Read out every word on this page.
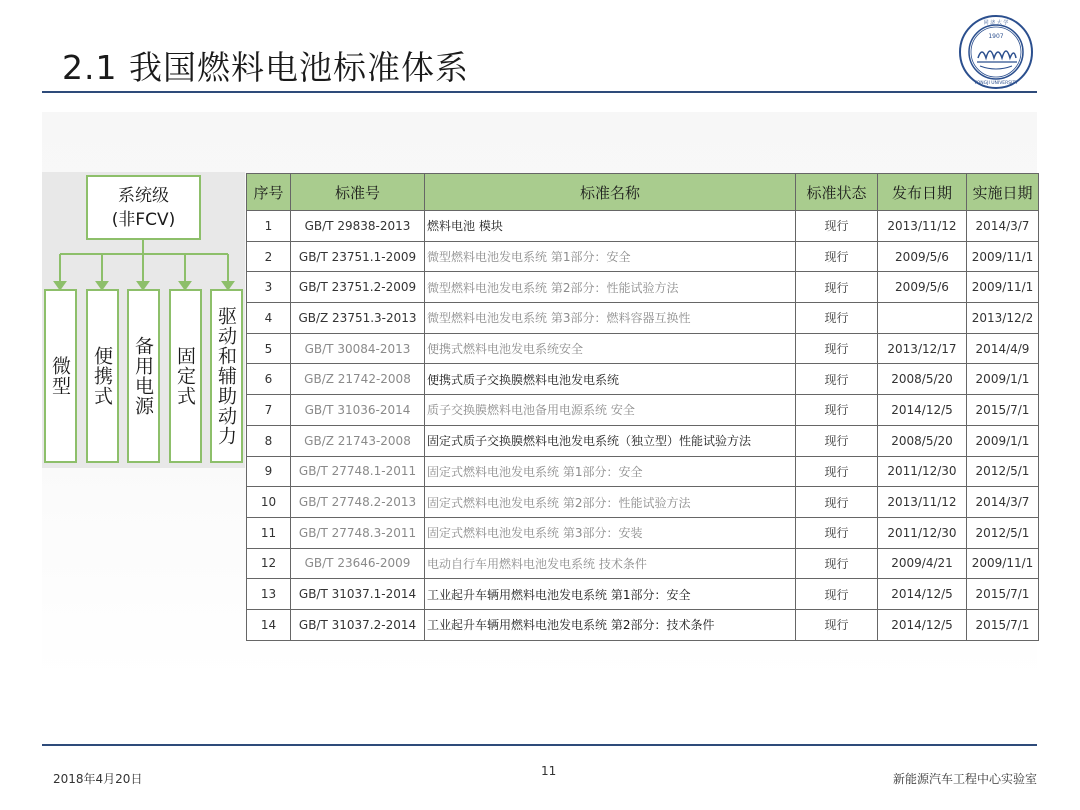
2.1 我国燃料电池标准体系
同 济 大 学
1907
TONGJI UNIVERSITY
系统级
(非FCV)
微型 便携式 备用电源 固定式 驱动和辅助动力
序号	标准号	标准名称	标准状态	发布日期	实施日期
1	GB/T 29838-2013	燃料电池 模块	现行	2013/11/12	2014/3/7
2	GB/T 23751.1-2009	微型燃料电池发电系统 第1部分：安全	现行	2009/5/6	2009/11/1
3	GB/T 23751.2-2009	微型燃料电池发电系统 第2部分：性能试验方法	现行	2009/5/6	2009/11/1
4	GB/Z 23751.3-2013	微型燃料电池发电系统 第3部分：燃料容器互换性	现行		2013/12/2
5	GB/T 30084-2013	便携式燃料电池发电系统安全	现行	2013/12/17	2014/4/9
6	GB/Z 21742-2008	便携式质子交换膜燃料电池发电系统	现行	2008/5/20	2009/1/1
7	GB/T 31036-2014	质子交换膜燃料电池备用电源系统 安全	现行	2014/12/5	2015/7/1
8	GB/Z 21743-2008	固定式质子交换膜燃料电池发电系统（独立型）性能试验方法	现行	2008/5/20	2009/1/1
9	GB/T 27748.1-2011	固定式燃料电池发电系统 第1部分：安全	现行	2011/12/30	2012/5/1
10	GB/T 27748.2-2013	固定式燃料电池发电系统 第2部分：性能试验方法	现行	2013/11/12	2014/3/7
11	GB/T 27748.3-2011	固定式燃料电池发电系统 第3部分：安装	现行	2011/12/30	2012/5/1
12	GB/T 23646-2009	电动自行车用燃料电池发电系统 技术条件	现行	2009/4/21	2009/11/1
13	GB/T 31037.1-2014	工业起升车辆用燃料电池发电系统 第1部分：安全	现行	2014/12/5	2015/7/1
14	GB/T 31037.2-2014	工业起升车辆用燃料电池发电系统 第2部分：技术条件	现行	2014/12/5	2015/7/1
2018年4月20日
11
新能源汽车工程中心实验室
